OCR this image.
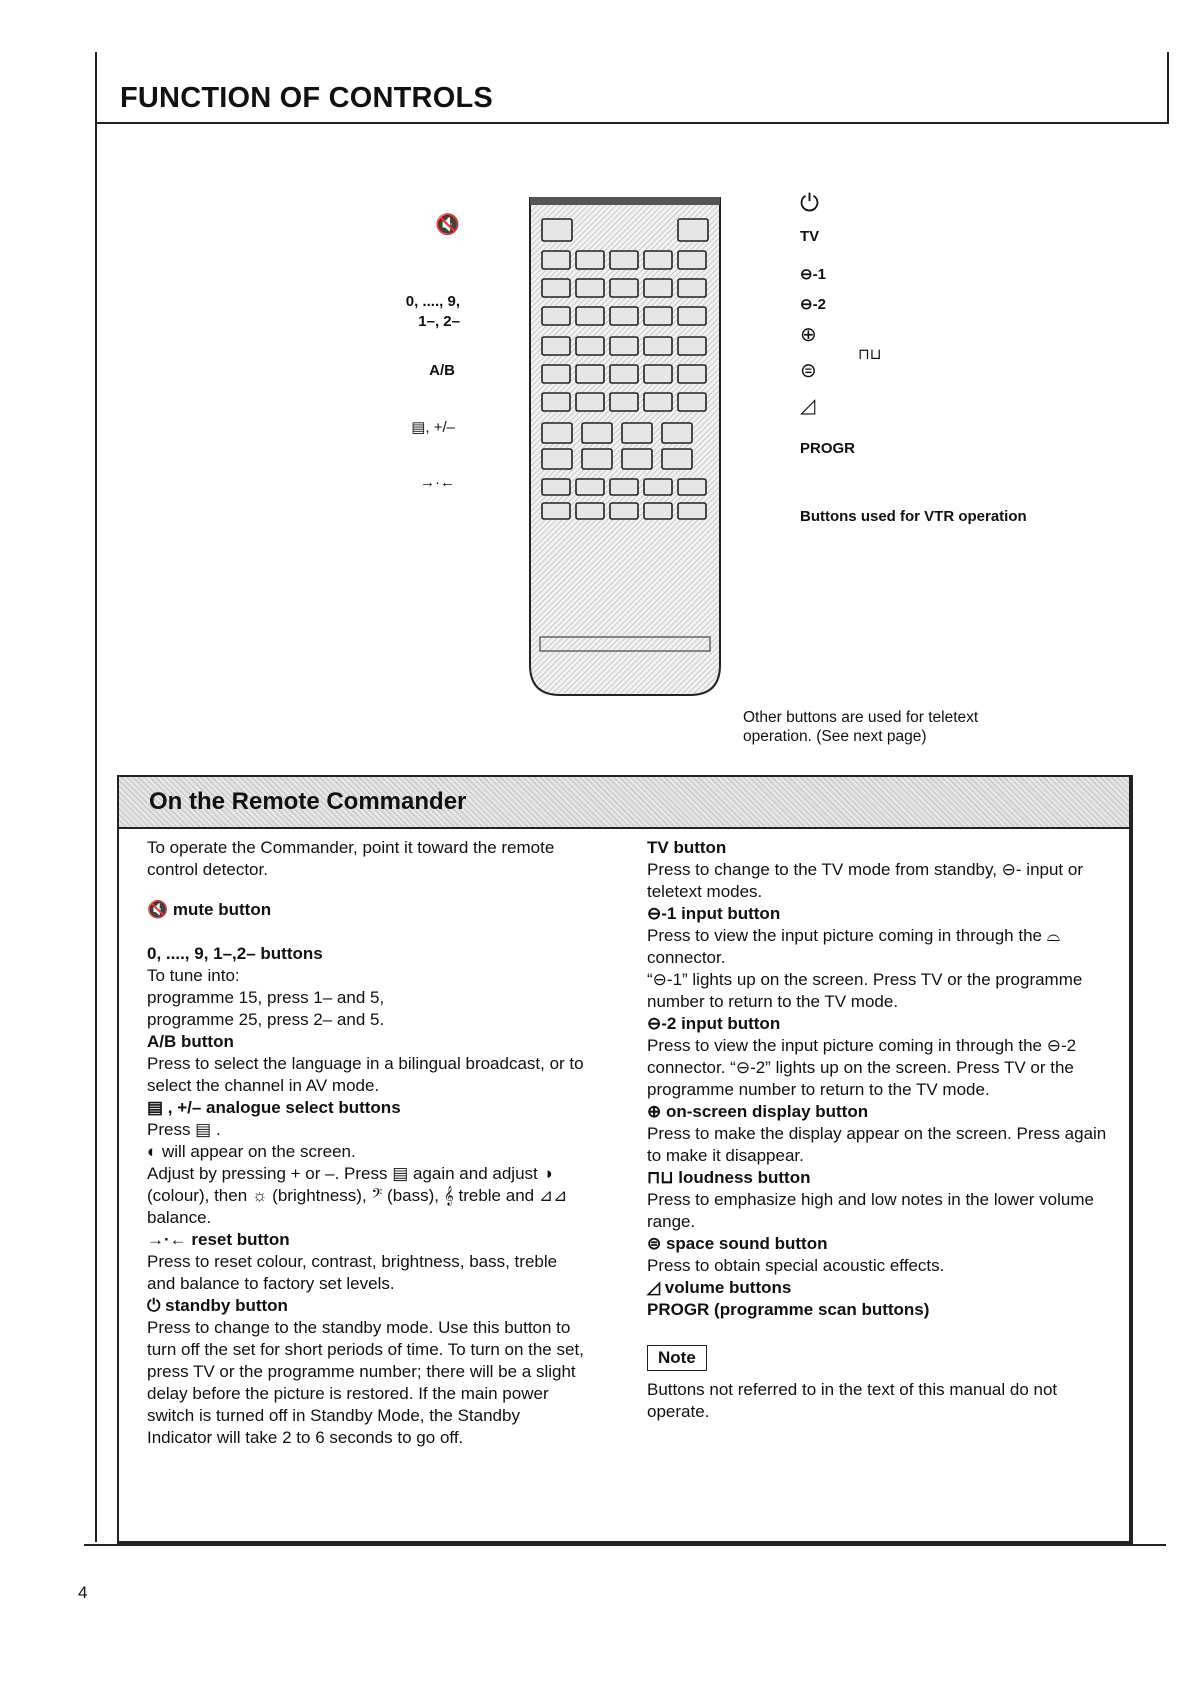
FUNCTION OF CONTROLS
🔇
0, ...., 9,
1–, 2–
A/B
▤, +/–
→·←
⏻
TV
⊖-1
⊖-2
⊕
⊓⊔
⊜
◿
PROGR
Buttons used for VTR operation
Other buttons are used for teletext operation. (See next page)
On the Remote Commander

To operate the Commander, point it toward the remote control detector.

🔇 mute button

0, ...., 9, 1–,2– buttons

To tune into:

programme 15, press 1– and 5,

programme 25, press 2– and 5.

A/B button

Press to select the language in a bilingual broadcast, or to select the channel in AV mode.

▤ , +/– analogue select buttons

Press ▤ .

◐ will appear on the screen.

Adjust by pressing + or –. Press ▤ again and adjust ◑ (colour), then ☼ (brightness), 𝄢 (bass), 𝄞 treble and ⊿⊿ balance.

→·← reset button

Press to reset colour, contrast, brightness, bass, treble and balance to factory set levels.

⏻ standby button

Press to change to the standby mode. Use this button to turn off the set for short periods of time. To turn on the set, press TV or the programme number; there will be a slight delay before the picture is restored. If the main power switch is turned off in Standby Mode, the Standby Indicator will take 2 to 6 seconds to go off.

TV button

Press to change to the TV mode from standby, ⊖- input or teletext modes.

⊖-1 input button

Press to view the input picture coming in through the ⌓ connector.

“⊖-1” lights up on the screen. Press TV or the programme number to return to the TV mode.

⊖-2 input button

Press to view the input picture coming in through the ⊖-2 connector. “⊖-2” lights up on the screen. Press TV or the programme number to return to the TV mode.

⊕ on-screen display button

Press to make the display appear on the screen. Press again to make it disappear.

⊓⊔ loudness button

Press to emphasize high and low notes in the lower volume range.

⊜ space sound button

Press to obtain special acoustic effects.

◿ volume buttons

PROGR (programme scan buttons)

Note

Buttons not referred to in the text of this manual do not operate.

4
